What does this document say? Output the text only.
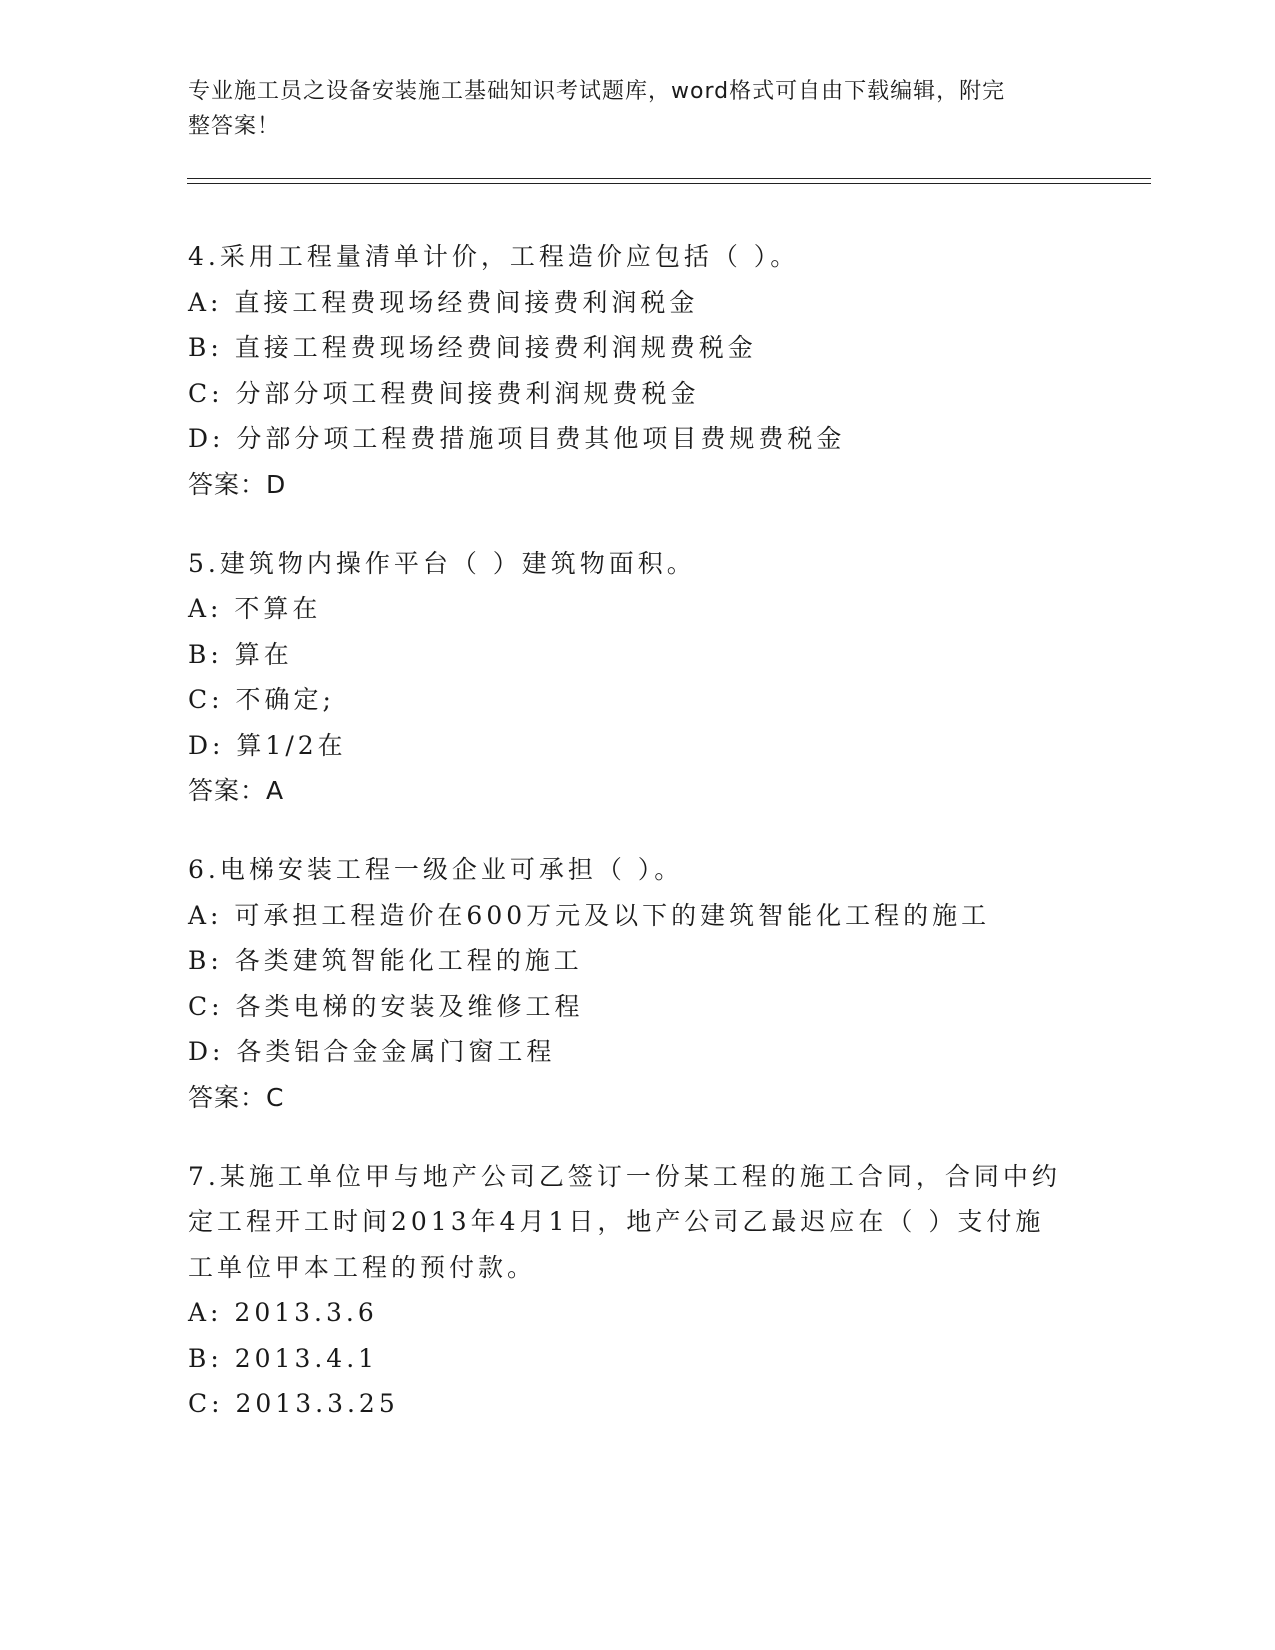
专业施工员之设备安装施工基础知识考试题库，word格式可自由下载编辑，附完
整答案！
4.采用工程量清单计价，工程造价应包括（ ）。
A: 直接工程费现场经费间接费利润税金
B: 直接工程费现场经费间接费利润规费税金
C: 分部分项工程费间接费利润规费税金
D: 分部分项工程费措施项目费其他项目费规费税金
答案：D
5.建筑物内操作平台（ ）建筑物面积。
A: 不算在
B: 算在
C: 不确定;
D: 算1/2在
答案：A
6.电梯安装工程一级企业可承担（ ）。
A: 可承担工程造价在600万元及以下的建筑智能化工程的施工
B: 各类建筑智能化工程的施工
C: 各类电梯的安装及维修工程
D: 各类铝合金金属门窗工程
答案：C
7.某施工单位甲与地产公司乙签订一份某工程的施工合同，合同中约
定工程开工时间2013年4月1日，地产公司乙最迟应在（ ）支付施
工单位甲本工程的预付款。
A: 2013.3.6
B: 2013.4.1
C: 2013.3.25
